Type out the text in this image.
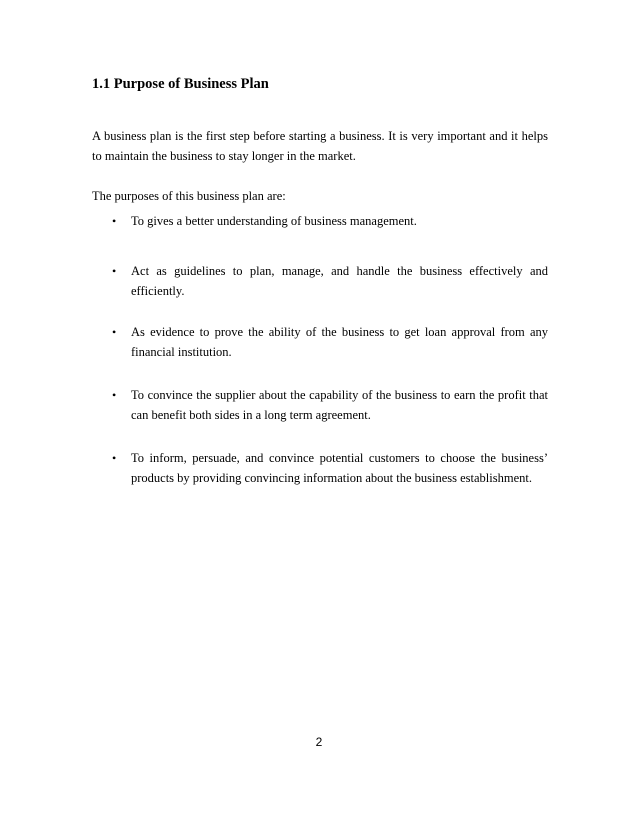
1.1 Purpose of Business Plan

A business plan is the first step before starting a business. It is very important and it helps to maintain the business to stay longer in the market.

The purposes of this business plan are:

•	To gives a better understanding of business management.
•	Act as guidelines to plan, manage, and handle the business effectively and efficiently.
•	As evidence to prove the ability of the business to get loan approval from any financial institution.
•	To convince the supplier about the capability of the business to earn the profit that can benefit both sides in a long term agreement.
•	To inform, persuade, and convince potential customers to choose the business’ products by providing convincing information about the business establishment.
2
